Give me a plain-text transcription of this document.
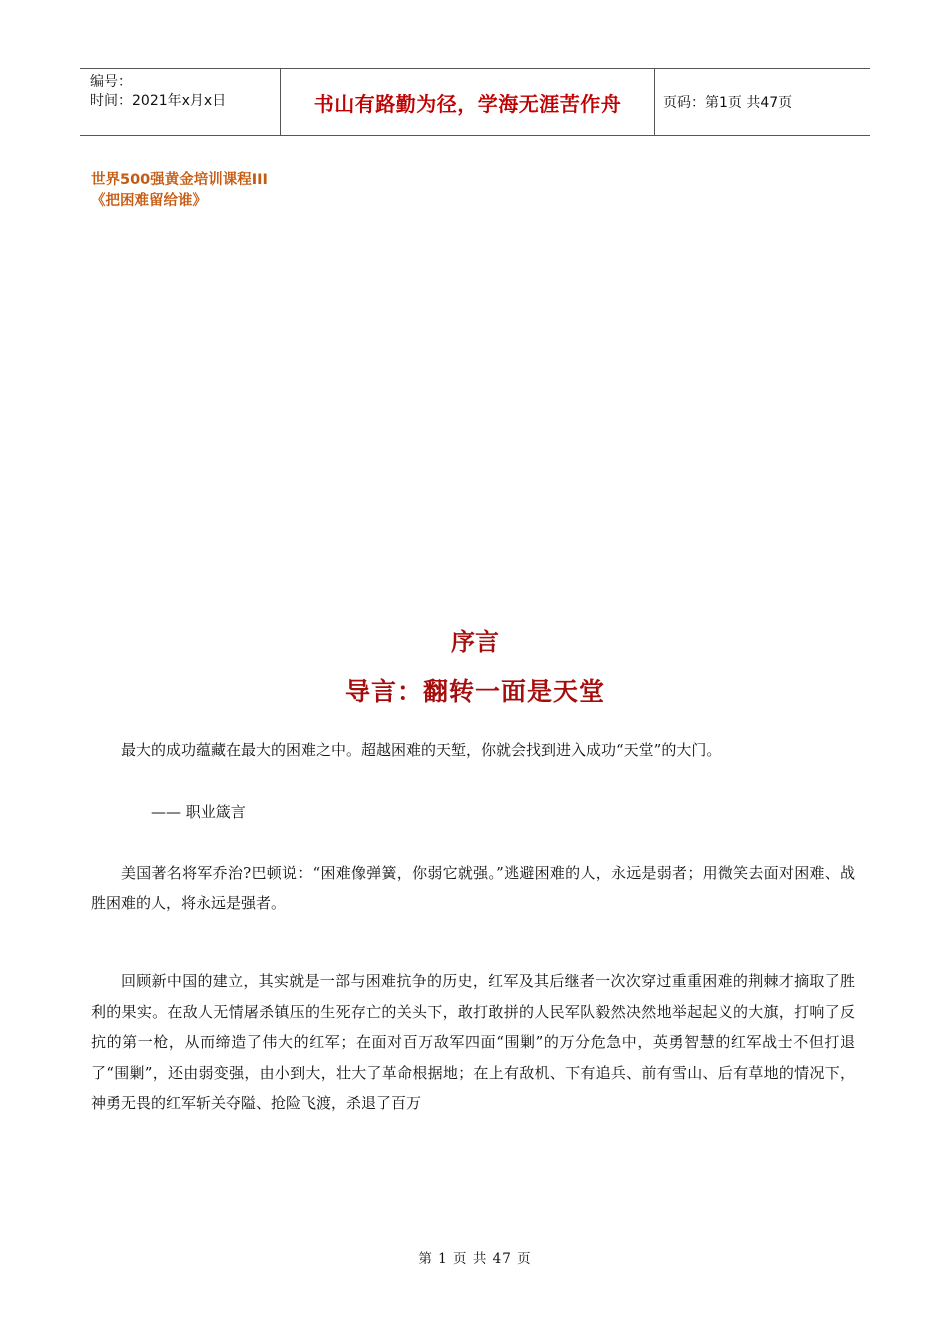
编号：
时间：2021年x月x日	书山有路勤为径，学海无涯苦作舟	页码：第1页 共47页
世界500强黄金培训课程III
《把困难留给谁》
序言
导言：翻转一面是天堂

最大的成功蕴藏在最大的困难之中。超越困难的天堑，你就会找到进入成功“天堂”的大门。

—— 职业箴言

美国著名将军乔治?巴顿说：“困难像弹簧，你弱它就强。”逃避困难的人，永远是弱者；用微笑去面对困难、战胜困难的人，将永远是强者。

回顾新中国的建立，其实就是一部与困难抗争的历史，红军及其后继者一次次穿过重重困难的荆棘才摘取了胜利的果实。在敌人无情屠杀镇压的生死存亡的关头下，敢打敢拼的人民军队毅然决然地举起起义的大旗，打响了反抗的第一枪，从而缔造了伟大的红军；在面对百万敌军四面“围剿”的万分危急中，英勇智慧的红军战士不但打退了“围剿”，还由弱变强，由小到大，壮大了革命根据地；在上有敌机、下有追兵、前有雪山、后有草地的情况下，神勇无畏的红军斩关夺隘、抢险飞渡，杀退了百万

第 1 页 共 47 页
